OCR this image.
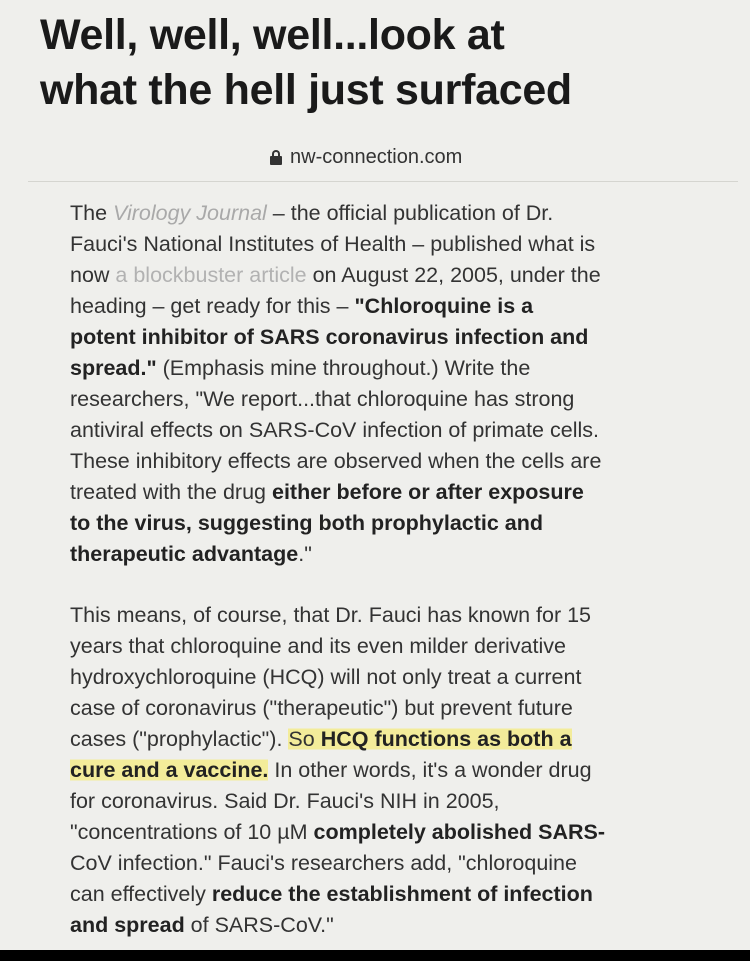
Well, well, well...look at
what the hell just surfaced
nw-connection.com

The Virology Journal – the official publication of Dr.
Fauci's National Institutes of Health – published what is
now a blockbuster article on August 22, 2005, under the
heading – get ready for this – "Chloroquine is a
potent inhibitor of SARS coronavirus infection and
spread." (Emphasis mine throughout.) Write the
researchers, "We report...that chloroquine has strong
antiviral effects on SARS-CoV infection of primate cells.
These inhibitory effects are observed when the cells are
treated with the drug either before or after exposure
to the virus, suggesting both prophylactic and
therapeutic advantage."

This means, of course, that Dr. Fauci has known for 15
years that chloroquine and its even milder derivative
hydroxychloroquine (HCQ) will not only treat a current
case of coronavirus ("therapeutic") but prevent future
cases ("prophylactic"). So HCQ functions as both a
cure and a vaccine. In other words, it's a wonder drug
for coronavirus. Said Dr. Fauci's NIH in 2005,
"concentrations of 10 µM completely abolished SARS-
CoV infection." Fauci's researchers add, "chloroquine
can effectively reduce the establishment of infection
and spread of SARS-CoV."
